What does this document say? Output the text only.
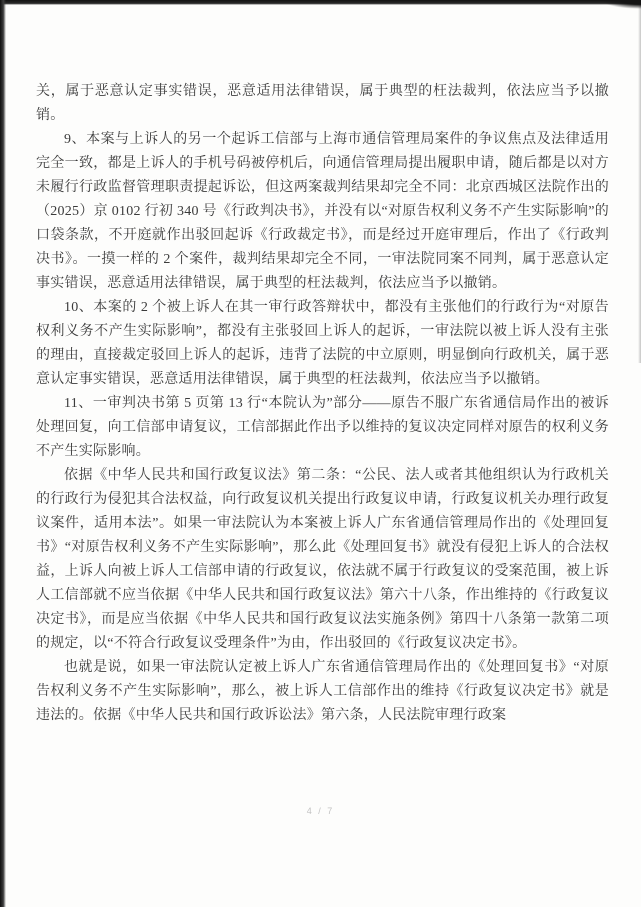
关，属于恶意认定事实错误，恶意适用法律错误，属于典型的枉法裁判，依法应当予以撤销。

9、本案与上诉人的另一个起诉工信部与上海市通信管理局案件的争议焦点及法律适用完全一致，都是上诉人的手机号码被停机后，向通信管理局提出履职申请，随后都是以对方未履行行政监督管理职责提起诉讼，但这两案裁判结果却完全不同：北京西城区法院作出的（2025）京 0102 行初 340 号《行政判决书》，并没有以“对原告权利义务不产生实际影响”的口袋条款，不开庭就作出驳回起诉《行政裁定书》，而是经过开庭审理后，作出了《行政判决书》。一摸一样的 2 个案件，裁判结果却完全不同，一审法院同案不同判，属于恶意认定事实错误，恶意适用法律错误，属于典型的枉法裁判，依法应当予以撤销。

10、本案的 2 个被上诉人在其一审行政答辩状中，都没有主张他们的行政行为“对原告权利义务不产生实际影响”，都没有主张驳回上诉人的起诉，一审法院以被上诉人没有主张的理由，直接裁定驳回上诉人的起诉，违背了法院的中立原则，明显倒向行政机关，属于恶意认定事实错误，恶意适用法律错误，属于典型的枉法裁判，依法应当予以撤销。

11、一审判决书第 5 页第 13 行“本院认为”部分——原告不服广东省通信局作出的被诉处理回复，向工信部申请复议，工信部据此作出予以维持的复议决定同样对原告的权利义务不产生实际影响。

依据《中华人民共和国行政复议法》第二条：“公民、法人或者其他组织认为行政机关的行政行为侵犯其合法权益，向行政复议机关提出行政复议申请，行政复议机关办理行政复议案件，适用本法”。如果一审法院认为本案被上诉人广东省通信管理局作出的《处理回复书》“对原告权利义务不产生实际影响”，那么此《处理回复书》就没有侵犯上诉人的合法权益，上诉人向被上诉人工信部申请的行政复议，依法就不属于行政复议的受案范围，被上诉人工信部就不应当依据《中华人民共和国行政复议法》第六十八条，作出维持的《行政复议决定书》，而是应当依据《中华人民共和国行政复议法实施条例》第四十八条第一款第二项的规定，以“不符合行政复议受理条件”为由，作出驳回的《行政复议决定书》。

也就是说，如果一审法院认定被上诉人广东省通信管理局作出的《处理回复书》“对原告权利义务不产生实际影响”，那么，被上诉人工信部作出的维持《行政复议决定书》就是违法的。依据《中华人民共和国行政诉讼法》第六条，人民法院审理行政案

4 / 7
